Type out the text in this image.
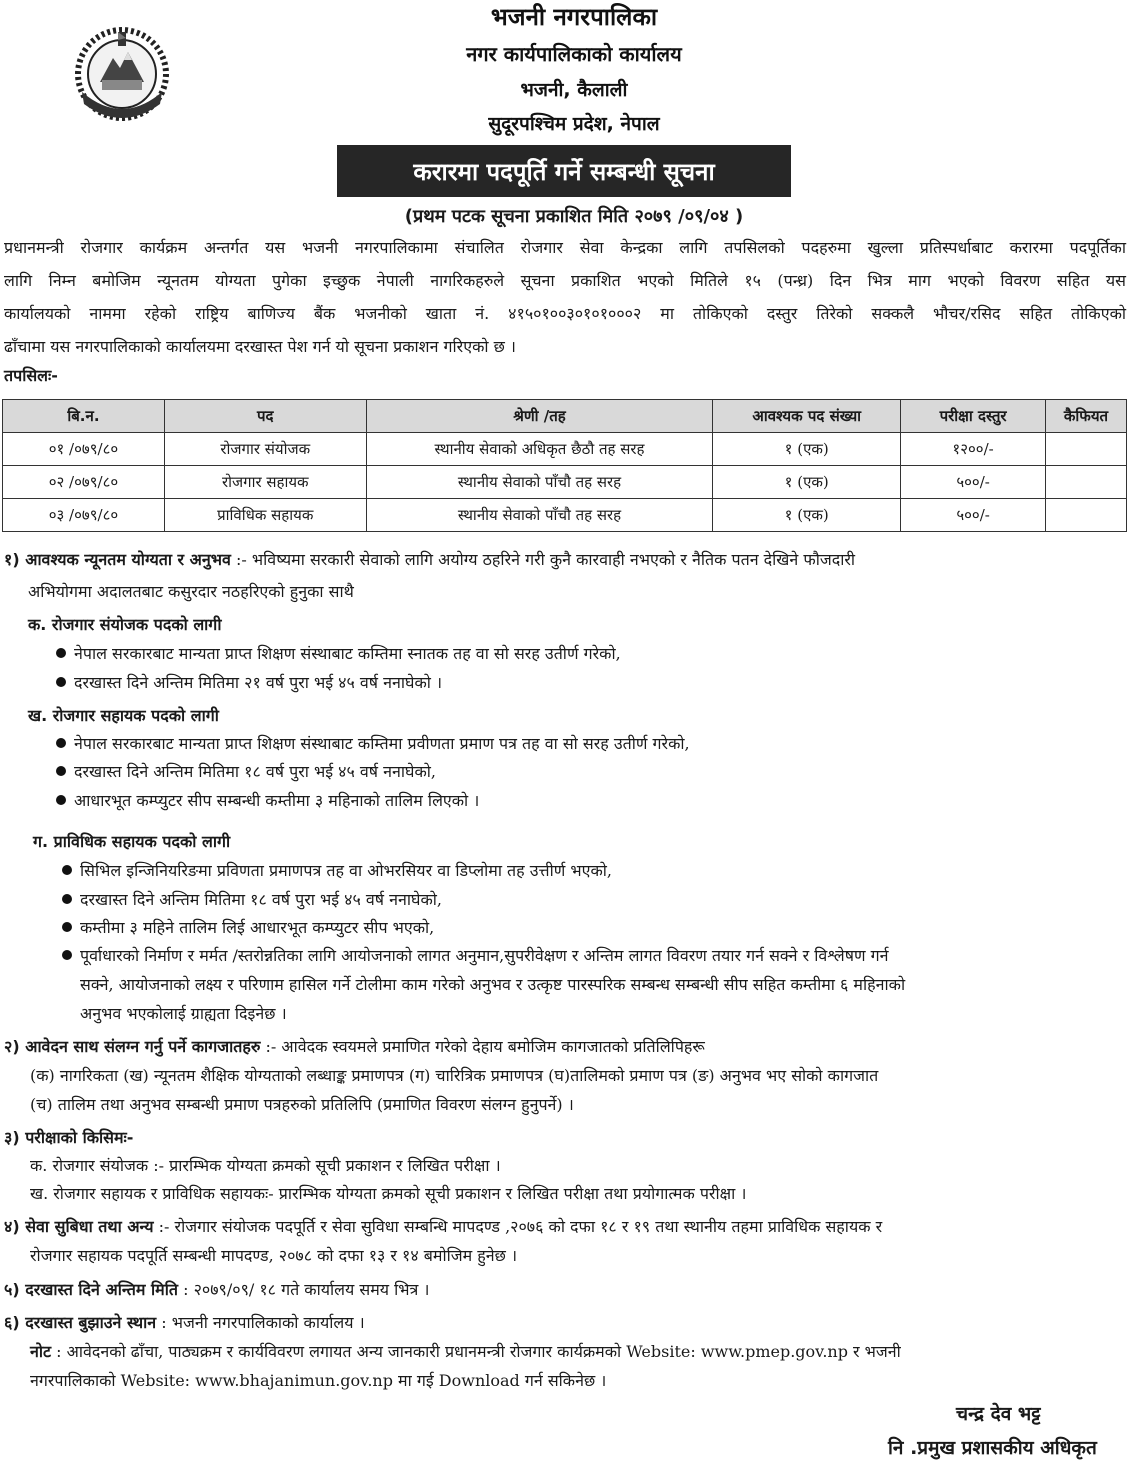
भजनी नगरपालिका
नगर कार्यपालिकाको कार्यालय
भजनी, कैलाली
सुदूरपश्चिम प्रदेश, नेपाल
करारमा पदपूर्ति गर्ने सम्बन्धी सूचना
(प्रथम पटक सूचना प्रकाशित मिति २०७९ /०९/०४ )
प्रधानमन्त्री रोजगार कार्यक्रम अन्तर्गत यस भजनी नगरपालिकामा संचालित रोजगार सेवा केन्द्रका लागि तपसिलको पदहरुमा खुल्ला प्रतिस्पर्धाबाट करारमा पदपूर्तिका
लागि निम्न बमोजिम न्यूनतम योग्यता पुगेका इच्छुक नेपाली नागरिकहरुले सूचना प्रकाशित भएको मितिले १५ (पन्ध्र) दिन भित्र माग भएको विवरण सहित यस
कार्यालयको नाममा रहेको राष्ट्रिय बाणिज्य बैंक भजनीको खाता नं. ४१५०१००३०१०१०००२ मा तोकिएको दस्तुर तिरेको सक्कलै भौचर/रसिद सहित तोकिएको
ढाँचामा यस नगरपालिकाको कार्यालयमा दरखास्त पेश गर्न यो सूचना प्रकाशन गरिएको छ ।
तपसिलः-
बि.न.	पद	श्रेणी /तह	आवश्यक पद संख्या	परीक्षा दस्तुर	कैफियत
०१ /०७९/८०	रोजगार संयोजक	स्थानीय सेवाको अधिकृत छैठौ तह सरह	१ (एक)	१२००/-	
०२ /०७९/८०	रोजगार सहायक	स्थानीय सेवाको पाँचौ तह सरह	१ (एक)	५००/-	
०३ /०७९/८०	प्राविधिक सहायक	स्थानीय सेवाको पाँचौ तह सरह	१ (एक)	५००/-	
१) आवश्यक न्यूनतम योग्यता र अनुभव :- भविष्यमा सरकारी सेवाको लागि अयोग्य ठहरिने गरी कुनै कारवाही नभएको र नैतिक पतन देखिने फौजदारी
अभियोगमा अदालतबाट कसुरदार नठहरिएको हुनुका साथै
क. रोजगार संयोजक पदको लागी
नेपाल सरकारबाट मान्यता प्राप्त शिक्षण संस्थाबाट कम्तिमा स्नातक तह वा सो सरह उतीर्ण गरेको,
दरखास्त दिने अन्तिम मितिमा २१ वर्ष पुरा भई ४५ वर्ष ननाघेको ।
ख. रोजगार सहायक पदको लागी
नेपाल सरकारबाट मान्यता प्राप्त शिक्षण संस्थाबाट कम्तिमा प्रवीणता प्रमाण पत्र तह वा सो सरह उतीर्ण गरेको,
दरखास्त दिने अन्तिम मितिमा १८ वर्ष पुरा भई ४५ वर्ष ननाघेको,
आधारभूत कम्प्युटर सीप सम्बन्धी कम्तीमा ३ महिनाको तालिम लिएको ।
ग. प्राविधिक सहायक पदको लागी
सिभिल इन्जिनियरिङमा प्रविणता प्रमाणपत्र तह वा ओभरसियर वा डिप्लोमा तह उत्तीर्ण भएको,
दरखास्त दिने अन्तिम मितिमा १८ वर्ष पुरा भई ४५ वर्ष ननाघेको,
कम्तीमा ३ महिने तालिम लिई आधारभूत कम्प्युटर सीप भएको,
पूर्वाधारको निर्माण र मर्मत /स्तरोन्नतिका लागि आयोजनाको लागत अनुमान,सुपरीवेक्षण र अन्तिम लागत विवरण तयार गर्न सक्ने र विश्लेषण गर्न
सक्ने, आयोजनाको लक्ष्य र परिणाम हासिल गर्ने टोलीमा काम गरेको अनुभव र उत्कृष्ट पारस्परिक सम्बन्ध सम्बन्धी सीप सहित कम्तीमा ६ महिनाको
अनुभव भएकोलाई ग्राह्यता दिइनेछ ।
२) आवेदन साथ संलग्न गर्नु पर्ने कागजातहरु :- आवेदक स्वयमले प्रमाणित गरेको देहाय बमोजिम कागजातको प्रतिलिपिहरू
(क) नागरिकता (ख) न्यूनतम शैक्षिक योग्यताको लब्धाङ्क प्रमाणपत्र (ग) चारित्रिक प्रमाणपत्र (घ)तालिमको प्रमाण पत्र (ङ) अनुभव भए सोको कागजात
(च) तालिम तथा अनुभव सम्बन्धी प्रमाण पत्रहरुको प्रतिलिपि (प्रमाणित विवरण संलग्न हुनुपर्ने) ।
३) परीक्षाको किसिमः-
क. रोजगार संयोजक :- प्रारम्भिक योग्यता क्रमको सूची प्रकाशन र लिखित परीक्षा ।
ख. रोजगार सहायक र प्राविधिक सहायकः- प्रारम्भिक योग्यता क्रमको सूची प्रकाशन र लिखित परीक्षा तथा प्रयोगात्मक परीक्षा ।
४) सेवा सुबिधा तथा अन्य :- रोजगार संयोजक पदपूर्ति र सेवा सुविधा सम्बन्धि मापदण्ड ,२०७६ को दफा १८ र १९ तथा स्थानीय तहमा प्राविधिक सहायक र
रोजगार सहायक पदपूर्ति सम्बन्धी मापदण्ड, २०७८ को दफा १३ र १४ बमोजिम हुनेछ ।
५) दरखास्त दिने अन्तिम मिति : २०७९/०९/ १८ गते कार्यालय समय भित्र ।
६) दरखास्त बुझाउने स्थान : भजनी नगरपालिकाको कार्यालय ।
नोट : आवेदनको ढाँचा, पाठ्यक्रम र कार्यविवरण लगायत अन्य जानकारी प्रधानमन्त्री रोजगार कार्यक्रमको Website: www.pmep.gov.np र भजनी
नगरपालिकाको Website: www.bhajanimun.gov.np मा गई Download गर्न सकिनेछ ।
चन्द्र देव भट्ट
नि .प्रमुख प्रशासकीय अधिकृत
